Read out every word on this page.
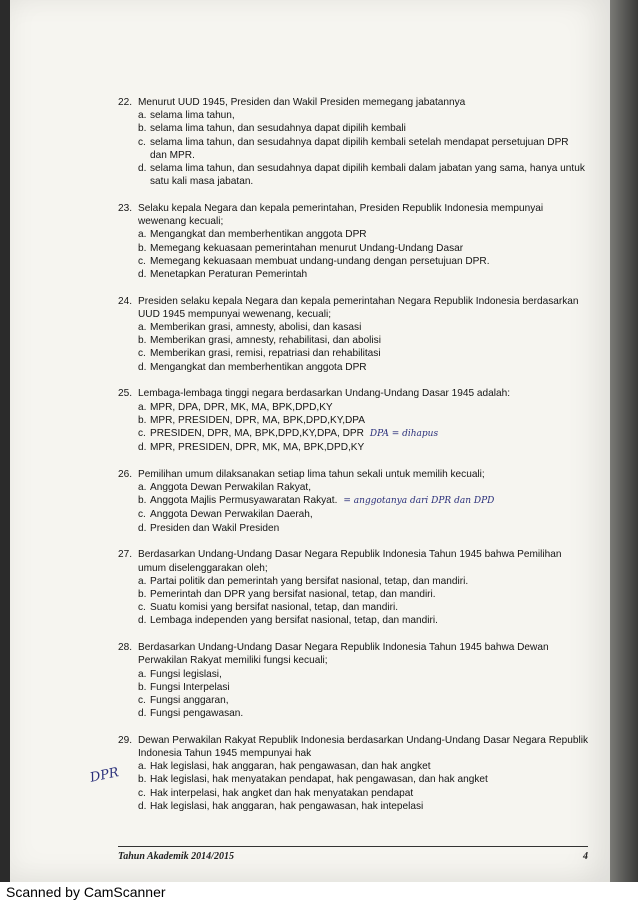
22. Menurut UUD 1945, Presiden dan Wakil Presiden memegang jabatannya
a. selama lima tahun,
b. selama lima tahun, dan sesudahnya dapat dipilih kembali
c. selama lima tahun, dan sesudahnya dapat dipilih kembali setelah mendapat persetujuan DPR dan MPR.
d. selama lima tahun, dan sesudahnya dapat dipilih kembali dalam jabatan yang sama, hanya untuk satu kali masa jabatan.
23. Selaku kepala Negara dan kepala pemerintahan, Presiden Republik Indonesia mempunyai wewenang kecuali;
a. Mengangkat dan memberhentikan anggota DPR
b. Memegang kekuasaan pemerintahan menurut Undang-Undang Dasar
c. Memegang kekuasaan membuat undang-undang dengan persetujuan DPR.
d. Menetapkan Peraturan Pemerintah
24. Presiden selaku kepala Negara dan kepala pemerintahan Negara Republik Indonesia berdasarkan UUD 1945 mempunyai wewenang, kecuali;
a. Memberikan grasi, amnesty, abolisi, dan kasasi
b. Memberikan grasi, amnesty, rehabilitasi, dan abolisi
c. Memberikan grasi, remisi, repatriasi dan rehabilitasi
d. Mengangkat dan memberhentikan anggota DPR
25. Lembaga-lembaga tinggi negara berdasarkan Undang-Undang Dasar 1945 adalah:
a. MPR, DPA, DPR, MK, MA, BPK,DPD,KY
b. MPR, PRESIDEN, DPR, MA, BPK,DPD,KY,DPA
c. PRESIDEN, DPR, MA, BPK,DPD,KY,DPA, DPR DPA = dihapus
d. MPR, PRESIDEN, DPR, MK, MA, BPK,DPD,KY
26. Pemilihan umum dilaksanakan setiap lima tahun sekali untuk memilih kecuali;
a. Anggota Dewan Perwakilan Rakyat,
b. Anggota Majlis Permusyawaratan Rakyat. = anggotanya dari DPR dan DPD
c. Anggota Dewan Perwakilan Daerah,
d. Presiden dan Wakil Presiden
27. Berdasarkan Undang-Undang Dasar Negara Republik Indonesia Tahun 1945 bahwa Pemilihan umum diselenggarakan oleh;
a. Partai politik dan pemerintah yang bersifat nasional, tetap, dan mandiri.
b. Pemerintah dan DPR yang bersifat nasional, tetap, dan mandiri.
c. Suatu komisi yang bersifat nasional, tetap, dan mandiri.
d. Lembaga independen yang bersifat nasional, tetap, dan mandiri.
28. Berdasarkan Undang-Undang Dasar Negara Republik Indonesia Tahun 1945 bahwa Dewan Perwakilan Rakyat memiliki fungsi kecuali;
a. Fungsi legislasi,
b. Fungsi Interpelasi
c. Fungsi anggaran,
d. Fungsi pengawasan.
29. Dewan Perwakilan Rakyat Republik Indonesia berdasarkan Undang-Undang Dasar Negara Republik Indonesia Tahun 1945 mempunyai hak
a. Hak legislasi, hak anggaran, hak pengawasan, dan hak angket
b. Hak legislasi, hak menyatakan pendapat, hak pengawasan, dan hak angket
c. Hak interpelasi, hak angket dan hak menyatakan pendapat
d. Hak legislasi, hak anggaran, hak pengawasan, hak intepelasi
DPR
Tahun Akademik 2014/2015	4
Scanned by CamScanner
